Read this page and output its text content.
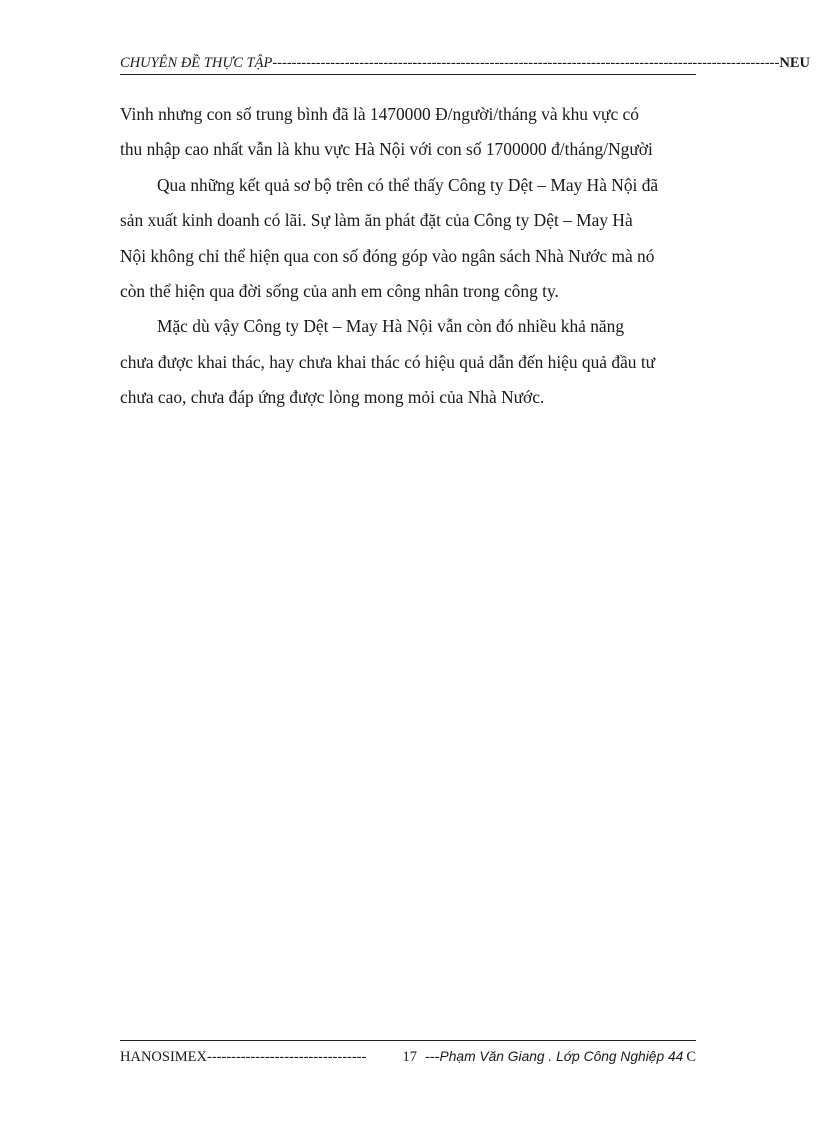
CHUYÊN ĐỀ THỰC TẬP --------------------------------------------------------------------------------------------------------- NEU

Vinh nhưng con số trung bình đã là 1470000 Đ/người/tháng và khu vực có
thu nhập cao nhất vẫn là khu vực Hà Nội với con số 1700000 đ/tháng/Người

Qua những kết quả sơ bộ trên có thể thấy Công ty Dệt – May Hà Nội đã
sản xuất kinh doanh có lãi. Sự làm ăn phát đặt của Công ty Dệt – May Hà
Nội không chỉ thể hiện qua con số đóng góp vào ngân sách Nhà Nước mà nó
còn thể hiện qua đời sống của anh em công nhân trong công ty.

Mặc dù vậy Công ty Dệt – May Hà Nội vẫn còn đó nhiều khả năng
chưa được khai thác, hay chưa khai thác có hiệu quả dẫn đến hiệu quả đầu tư
chưa cao, chưa đáp ứng được lòng mong mỏi của Nhà Nước.

HANOSIMEX ---------------------------------	17 --- Phạm Văn Giang . Lớp Công Nghiệp 44 C
